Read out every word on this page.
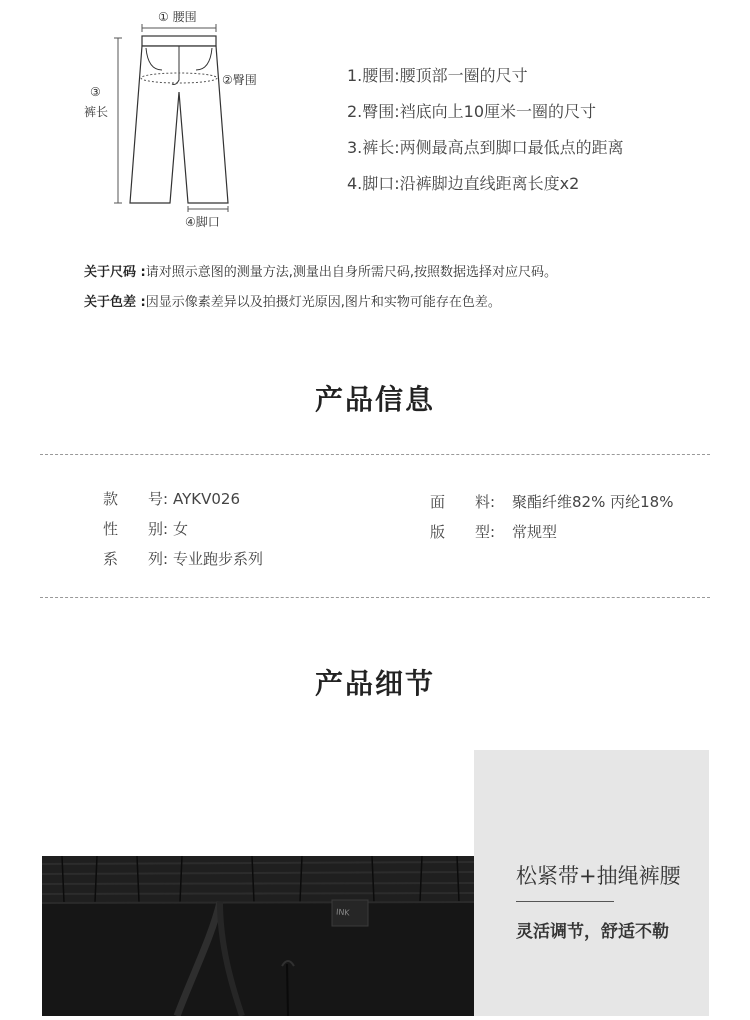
① 腰围
②臀围
③
裤长
④脚口
1.腰围:腰顶部一圈的尺寸
2.臀围:裆底向上10厘米一圈的尺寸
3.裤长:两侧最高点到脚口最低点的距离
4.脚口:沿裤脚边直线距离长度x2
关于尺码 :请对照示意图的测量方法,测量出自身所需尺码,按照数据选择对应尺码。
关于色差 :因显示像素差异以及拍摄灯光原因,图片和实物可能存在色差。
产品信息
款　　号: AYKV026
性　　别: 女
系　　列: 专业跑步系列
面　　料: 聚酯纤维82% 丙纶18%
版　　型: 常规型
产品细节
INK
松紧带+抽绳裤腰
灵活调节，舒适不勒
